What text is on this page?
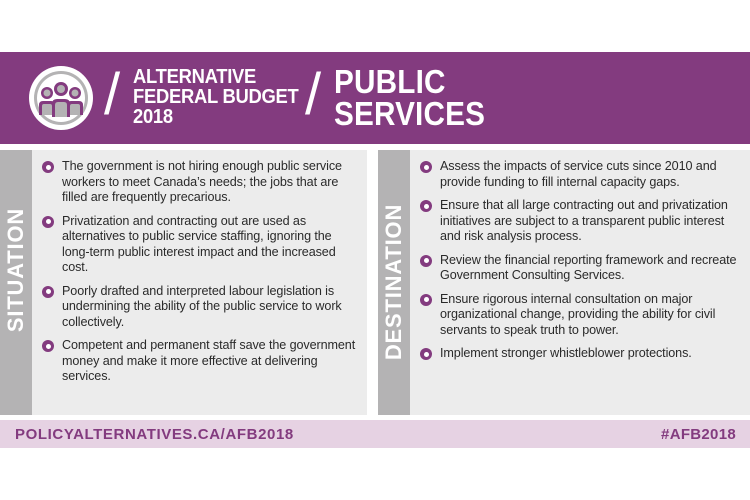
/ ALTERNATIVE
FEDERAL BUDGET
2018	/ PUBLIC
SERVICES
SITUATION
The government is not hiring enough public service workers to meet Canada’s needs; the jobs that are filled are frequently precarious.
Privatization and contracting out are used as alternatives to public service staffing, ignoring the long-term public interest impact and the increased cost.
Poorly drafted and interpreted labour legislation is undermining the ability of the public service to work collectively.
Competent and permanent staff save the government money and make it more effective at delivering services.
DESTINATION
Assess the impacts of service cuts since 2010 and provide funding to fill internal capacity gaps.
Ensure that all large contracting out and privatization initiatives are subject to a transparent public interest and risk analysis process.
Review the financial reporting framework and recreate Government Consulting Services.
Ensure rigorous internal consultation on major organizational change, providing the ability for civil servants to speak truth to power.
Implement stronger whistleblower protections.
POLICYALTERNATIVES.CA/AFB2018	#AFB2018
